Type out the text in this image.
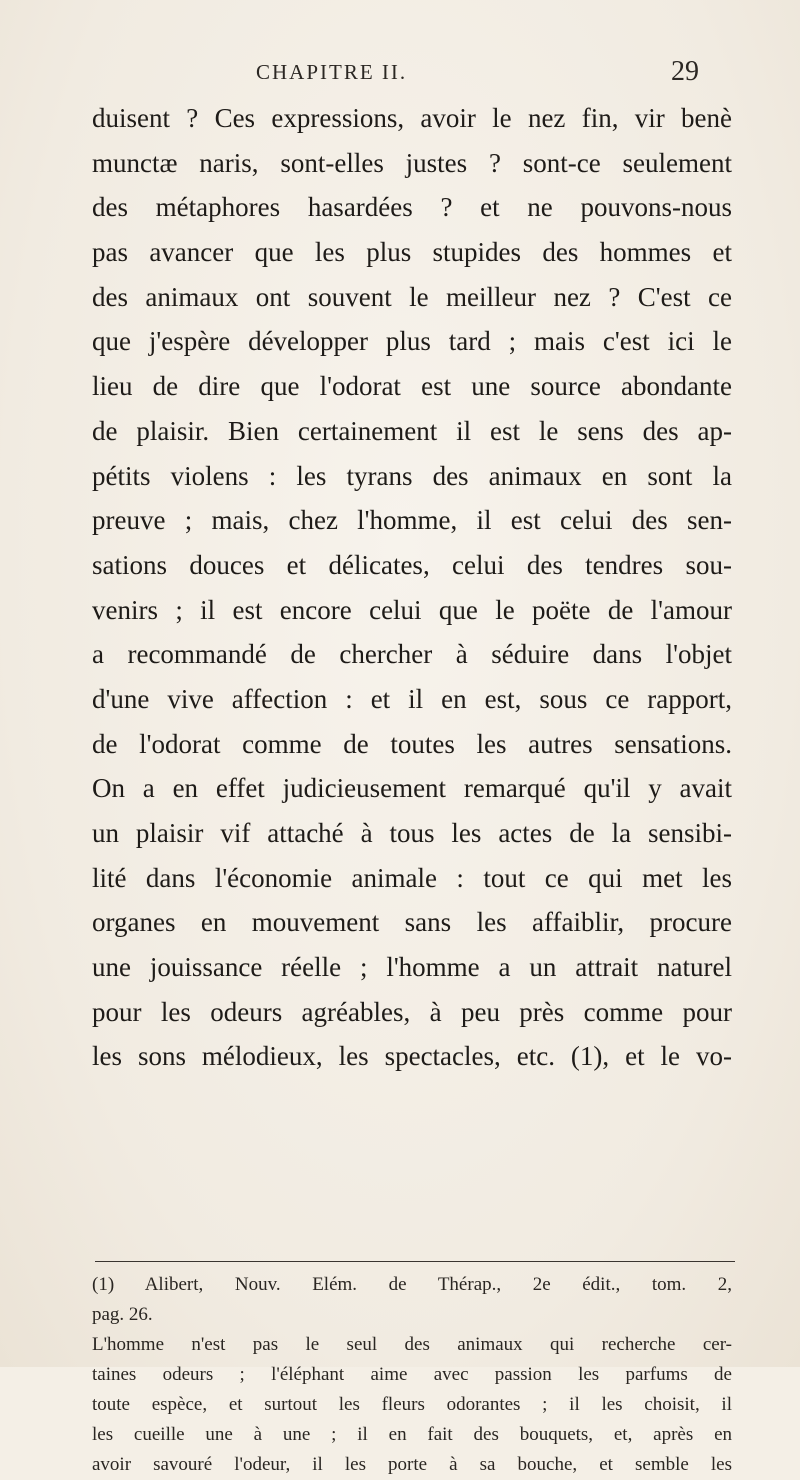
CHAPITRE II.	29
duisent ? Ces expressions, avoir le nez fin, vir benè
munctæ naris, sont-elles justes ? sont-ce seulement
des métaphores hasardées ? et ne pouvons-nous
pas avancer que les plus stupides des hommes et
des animaux ont souvent le meilleur nez ? C'est ce
que j'espère développer plus tard ; mais c'est ici le
lieu de dire que l'odorat est une source abondante
de plaisir. Bien certainement il est le sens des ap-
pétits violens : les tyrans des animaux en sont la
preuve ; mais, chez l'homme, il est celui des sen-
sations douces et délicates, celui des tendres sou-
venirs ; il est encore celui que le poëte de l'amour
a recommandé de chercher à séduire dans l'objet
d'une vive affection : et il en est, sous ce rapport,
de l'odorat comme de toutes les autres sensations.
On a en effet judicieusement remarqué qu'il y avait
un plaisir vif attaché à tous les actes de la sensibi-
lité dans l'économie animale : tout ce qui met les
organes en mouvement sans les affaiblir, procure
une jouissance réelle ; l'homme a un attrait naturel
pour les odeurs agréables, à peu près comme pour
les sons mélodieux, les spectacles, etc. (1), et le vo-
(1) Alibert, Nouv. Elém. de Thérap., 2e édit., tom. 2,
pag. 26.
L'homme n'est pas le seul des animaux qui recherche cer-
taines odeurs ; l'éléphant aime avec passion les parfums de
toute espèce, et surtout les fleurs odorantes ; il les choisit, il
les cueille une à une ; il en fait des bouquets, et, après en
avoir savouré l'odeur, il les porte à sa bouche, et semble les
